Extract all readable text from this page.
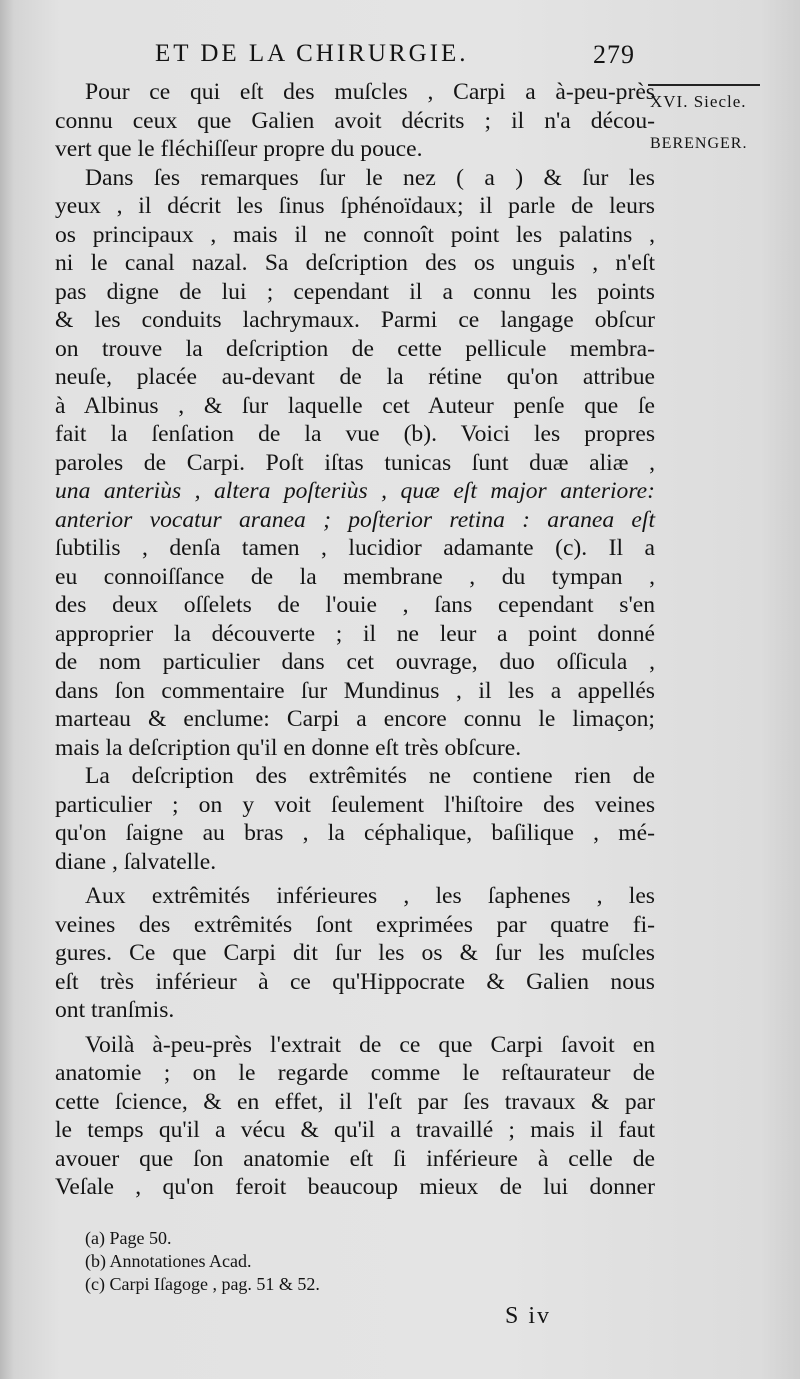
ET DE LA CHIRURGIE.	279
XVI. Siecle.
BERENGER.
Pour ce qui eſt des muſcles , Carpi a à-peu-près
connu ceux que Galien avoit décrits ; il n'a décou-
vert que le fléchiſſeur propre du pouce.
Dans ſes remarques ſur le nez ( a ) & ſur les
yeux , il décrit les ſinus ſphénoïdaux; il parle de leurs
os principaux , mais il ne connoît point les palatins ,
ni le canal nazal. Sa deſcription des os unguis , n'eſt
pas digne de lui ; cependant il a connu les points
& les conduits lachrymaux. Parmi ce langage obſcur
on trouve la deſcription de cette pellicule membra-
neuſe, placée au-devant de la rétine qu'on attribue
à Albinus , & ſur laquelle cet Auteur penſe que ſe
fait la ſenſation de la vue (b). Voici les propres
paroles de Carpi. Poſt iſtas tunicas ſunt duæ aliæ ,
una anteriùs , altera poſteriùs , quæ eſt major anteriore:
anterior vocatur aranea ; poſterior retina : aranea eſt
ſubtilis , denſa tamen , lucidior adamante (c). Il a
eu connoiſſance de la membrane , du tympan ,
des deux oſſelets de l'ouie , ſans cependant s'en
approprier la découverte ; il ne leur a point donné
de nom particulier dans cet ouvrage, duo oſſicula ,
dans ſon commentaire ſur Mundinus , il les a appellés
marteau & enclume: Carpi a encore connu le limaçon;
mais la deſcription qu'il en donne eſt très obſcure.
La deſcription des extrêmités ne contiene rien de
particulier ; on y voit ſeulement l'hiſtoire des veines
qu'on ſaigne au bras , la céphalique, baſilique , mé-
diane , ſalvatelle.
Aux extrêmités inférieures , les ſaphenes , les
veines des extrêmités ſont exprimées par quatre fi-
gures. Ce que Carpi dit ſur les os & ſur les muſcles
eſt très inférieur à ce qu'Hippocrate & Galien nous
ont tranſmis.
Voilà à-peu-près l'extrait de ce que Carpi ſavoit en
anatomie ; on le regarde comme le reſtaurateur de
cette ſcience, & en effet, il l'eſt par ſes travaux & par
le temps qu'il a vécu & qu'il a travaillé ; mais il faut
avouer que ſon anatomie eſt ſi inférieure à celle de
Veſale , qu'on feroit beaucoup mieux de lui donner
(a) Page 50.
(b) Annotationes Acad.
(c) Carpi Iſagoge , pag. 51 & 52.
S iv
